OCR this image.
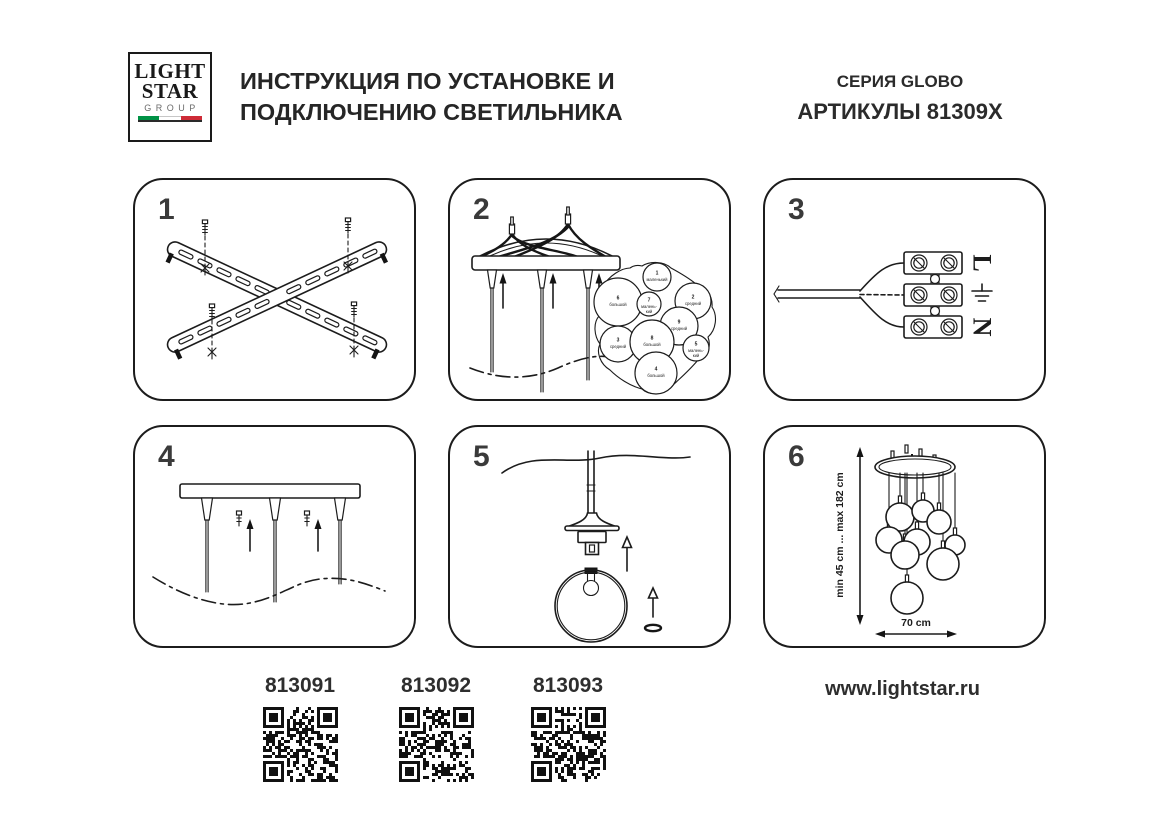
LIGHT
STAR
GROUP
ИНСТРУКЦИЯ ПО УСТАНОВКЕ И
ПОДКЛЮЧЕНИЮ СВЕТИЛЬНИКА
СЕРИЯ GLOBO
АРТИКУЛЫ 81309X
1
6
большой
1
маленький
7
малень-
кий
2
средний
9
средний
5
малень-
кий
3
средний
8
большой
4
большой
2
L
N
3
4	5
min 45 cm ... max 182 cm
70 cm
6
813091	813092	813093	www.lightstar.ru
